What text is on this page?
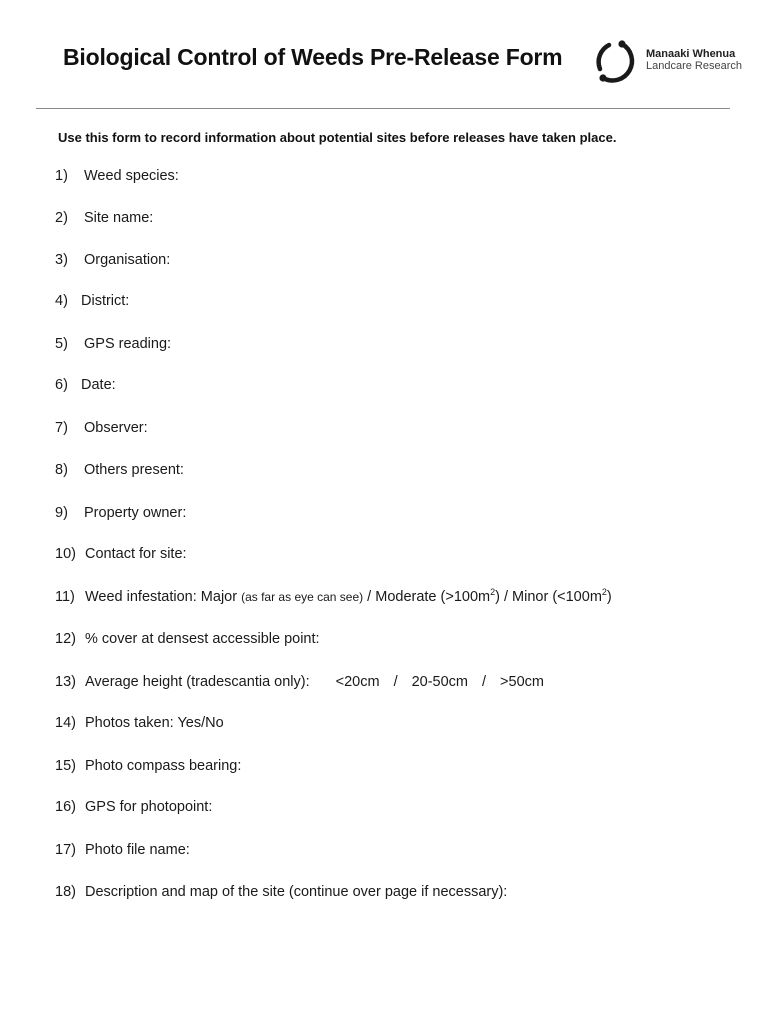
Biological Control of Weeds Pre-Release Form	Manaaki Whenua
Landcare Research
Use this form to record information about potential sites before releases have taken place.
1) Weed species:
2) Site name:
3) Organisation:
4) District:
5) GPS reading:
6) Date:
7) Observer:
8) Others present:
9) Property owner:
10) Contact for site:
11) Weed infestation: Major (as far as eye can see) / Moderate $(>100m^2)$ / Minor $(<100m^2)$
12) % cover at densest accessible point:
13) Average height (tradescantia only): <20cm / 20-50cm / >50cm
14) Photos taken: Yes/No
15) Photo compass bearing:
16) GPS for photopoint:
17) Photo file name:
18) Description and map of the site (continue over page if necessary):
